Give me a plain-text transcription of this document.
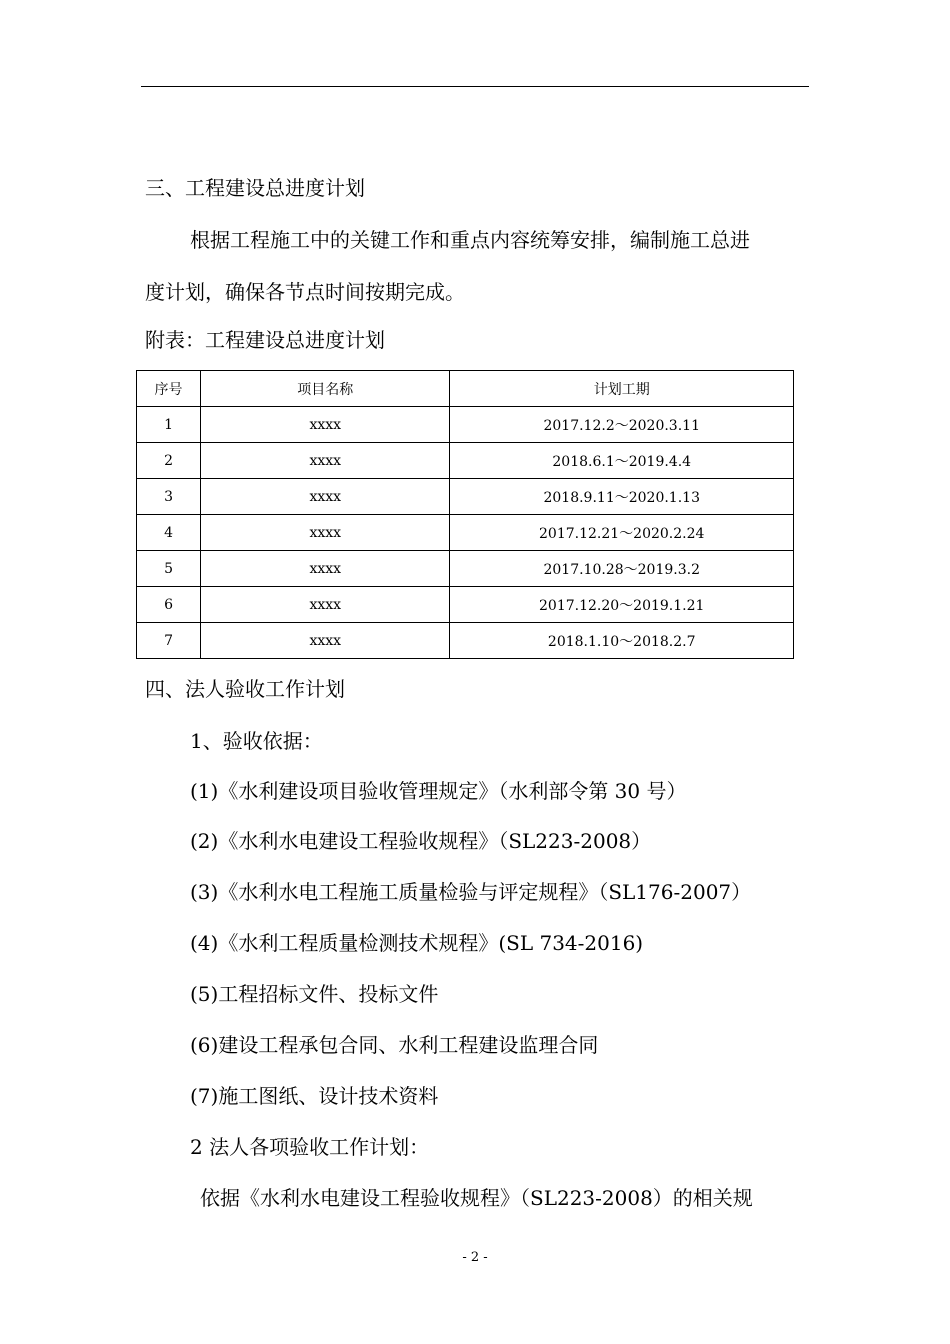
三、工程建设总进度计划
根据工程施工中的关键工作和重点内容统筹安排，编制施工总进
度计划，确保各节点时间按期完成。
附表：工程建设总进度计划
序号	项目名称	计划工期
1	xxxx	2017.12.2～2020.3.11
2	xxxx	2018.6.1～2019.4.4
3	xxxx	2018.9.11～2020.1.13
4	xxxx	2017.12.21～2020.2.24
5	xxxx	2017.10.28～2019.3.2
6	xxxx	2017.12.20～2019.1.21
7	xxxx	2018.1.10～2018.2.7
四、法人验收工作计划
1、验收依据：
(1)《水利建设项目验收管理规定》（水利部令第 30 号）
(2)《水利水电建设工程验收规程》（SL223-2008）
(3)《水利水电工程施工质量检验与评定规程》（SL176-2007）
(4)《水利工程质量检测技术规程》(SL 734-2016)
(5)工程招标文件、投标文件
(6)建设工程承包合同、水利工程建设监理合同
(7)施工图纸、设计技术资料
2 法人各项验收工作计划：
依据《水利水电建设工程验收规程》（SL223-2008）的相关规
- 2 -
